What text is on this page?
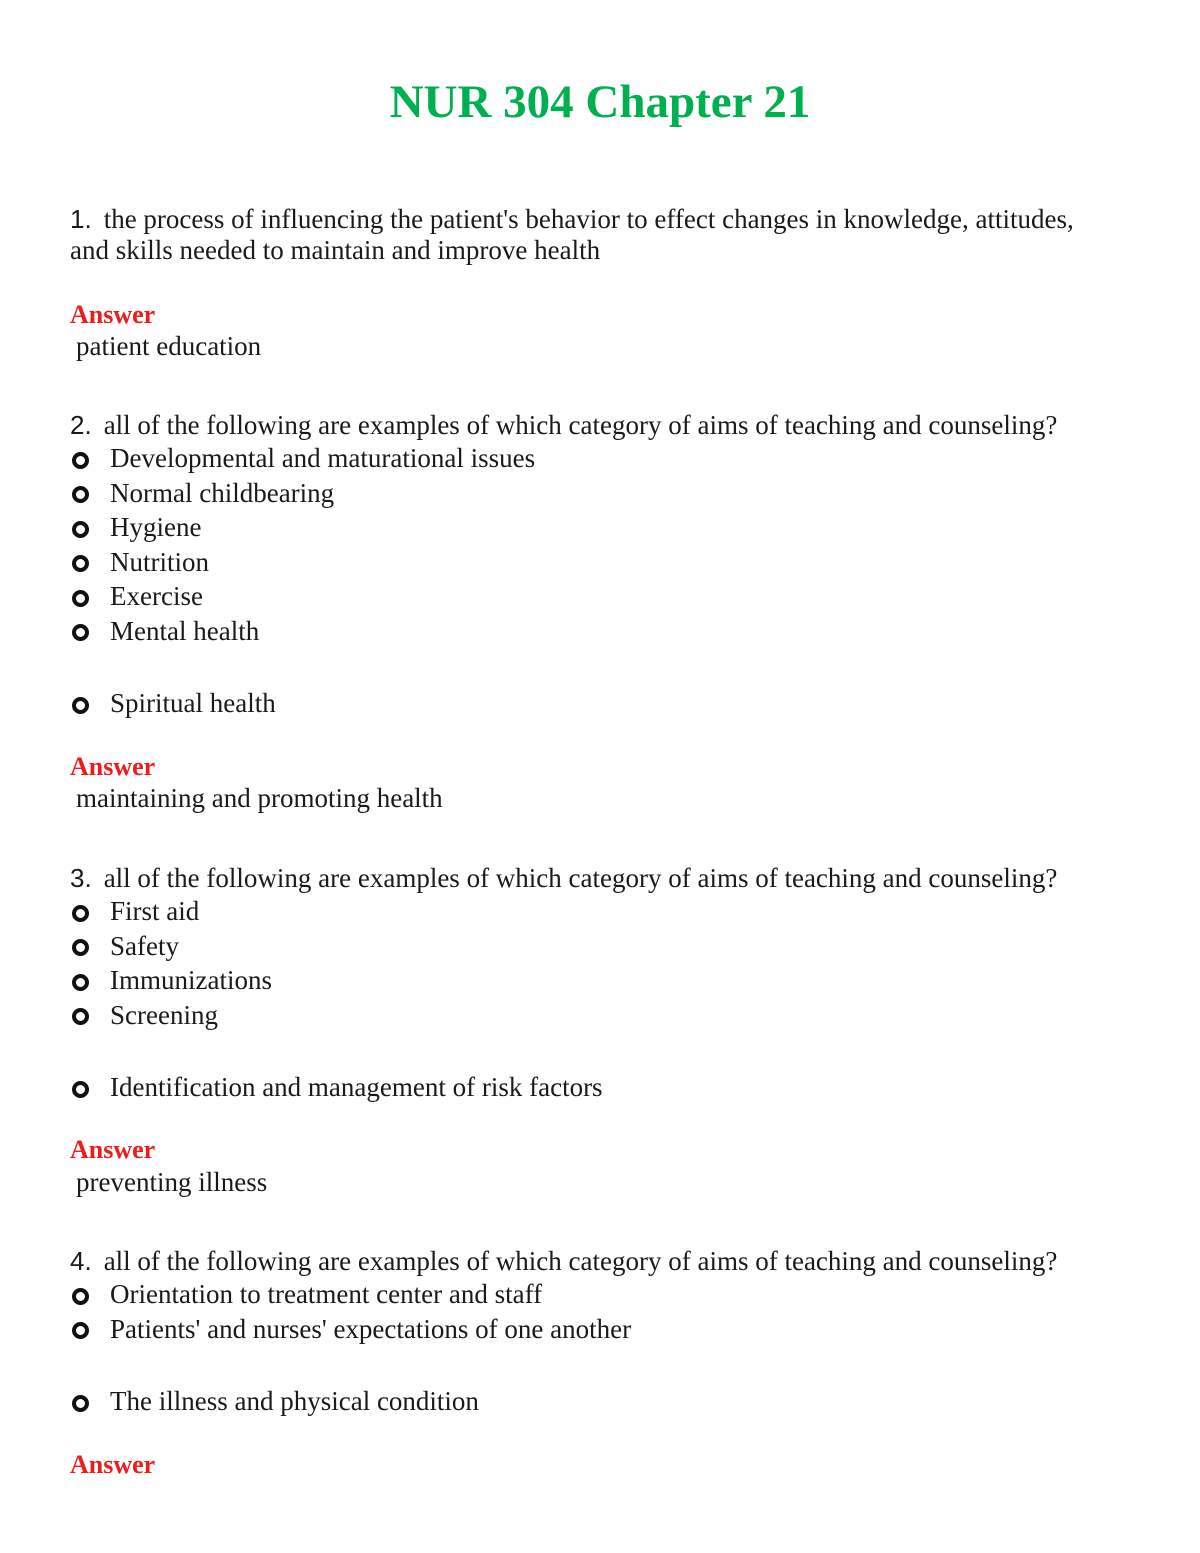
NUR 304 Chapter 21

1. the process of influencing the patient's behavior to effect changes in knowledge, attitudes,

and skills needed to maintain and improve health

Answer

patient education

2. all of the following are examples of which category of aims of teaching and counseling?

Developmental and maturational issues
Normal childbearing
Hygiene
Nutrition
Exercise
Mental health
Spiritual health

Answer

maintaining and promoting health

3. all of the following are examples of which category of aims of teaching and counseling?

First aid
Safety
Immunizations
Screening
Identification and management of risk factors

Answer

preventing illness

4. all of the following are examples of which category of aims of teaching and counseling?

Orientation to treatment center and staff
Patients' and nurses' expectations of one another
The illness and physical condition

Answer
